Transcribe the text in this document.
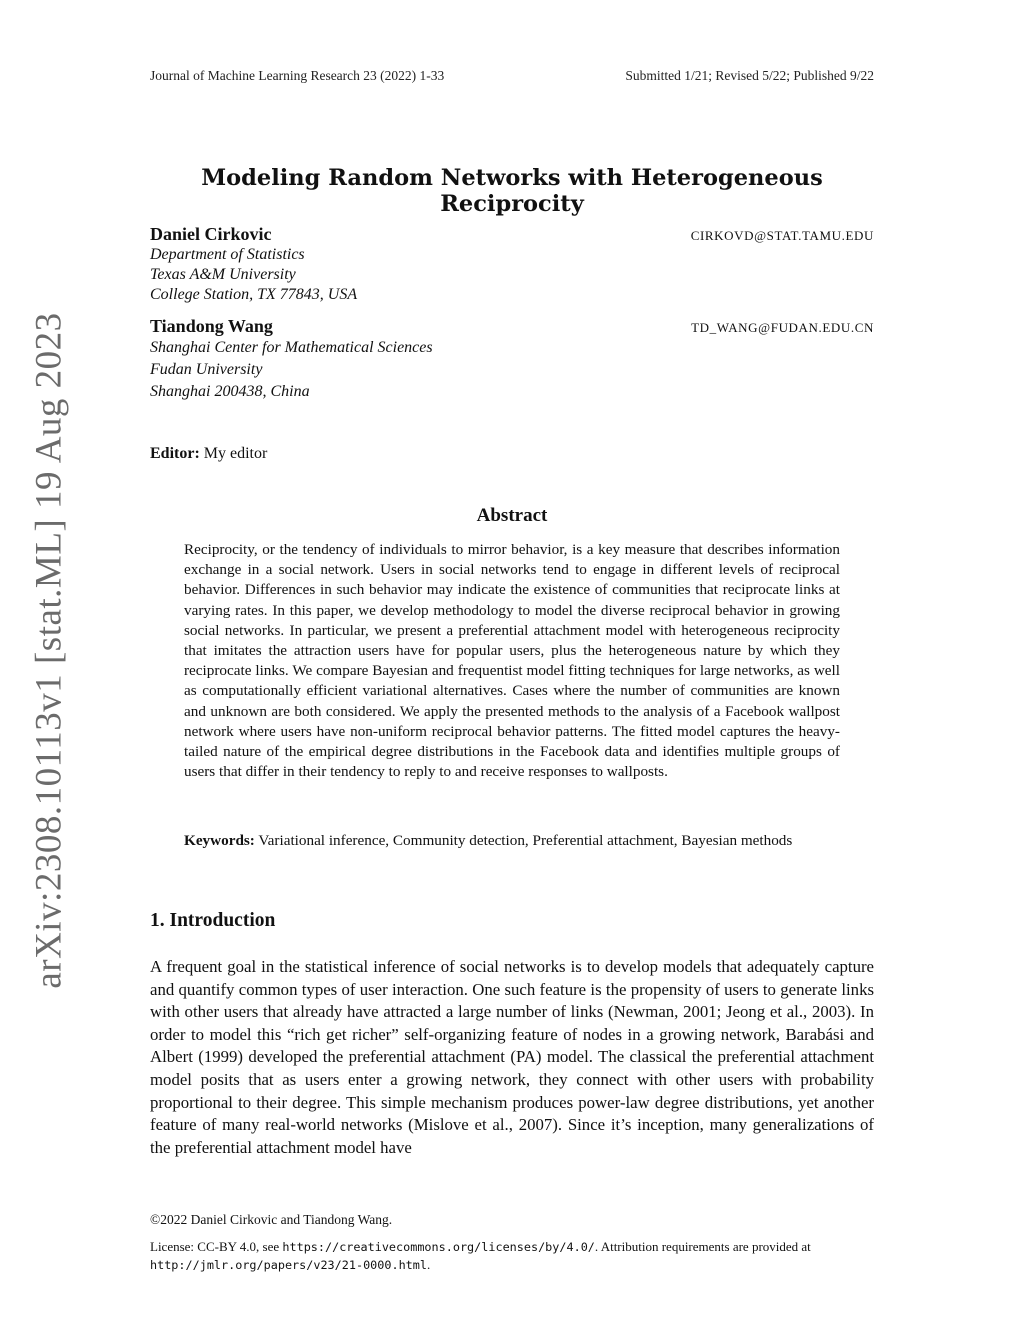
arXiv:2308.10113v1 [stat.ML] 19 Aug 2023
Journal of Machine Learning Research 23 (2022) 1-33	Submitted 1/21; Revised 5/22; Published 9/22
Modeling Random Networks with Heterogeneous Reciprocity
Daniel Cirkovic	CIRKOVD@STAT.TAMU.EDU
Department of Statistics
Texas A&M University
College Station, TX 77843, USA
Tiandong Wang	TD_WANG@FUDAN.EDU.CN
Shanghai Center for Mathematical Sciences
Fudan University
Shanghai 200438, China
Editor: My editor
Abstract
Reciprocity, or the tendency of individuals to mirror behavior, is a key measure that describes information exchange in a social network. Users in social networks tend to engage in different levels of reciprocal behavior. Differences in such behavior may indicate the existence of communities that reciprocate links at varying rates. In this paper, we develop methodology to model the diverse reciprocal behavior in growing social networks. In particular, we present a preferential attachment model with heterogeneous reciprocity that imitates the attraction users have for popular users, plus the heterogeneous nature by which they reciprocate links. We compare Bayesian and frequentist model fitting techniques for large networks, as well as computationally efficient variational alternatives. Cases where the number of communities are known and unknown are both considered. We apply the presented methods to the analysis of a Facebook wallpost network where users have non-uniform reciprocal behavior patterns. The fitted model captures the heavy-tailed nature of the empirical degree distributions in the Facebook data and identifies multiple groups of users that differ in their tendency to reply to and receive responses to wallposts.
Keywords: Variational inference, Community detection, Preferential attachment, Bayesian methods
1. Introduction
A frequent goal in the statistical inference of social networks is to develop models that adequately capture and quantify common types of user interaction. One such feature is the propensity of users to generate links with other users that already have attracted a large number of links (Newman, 2001; Jeong et al., 2003). In order to model this “rich get richer” self-organizing feature of nodes in a growing network, Barabási and Albert (1999) developed the preferential attachment (PA) model. The classical the preferential attachment model posits that as users enter a growing network, they connect with other users with probability proportional to their degree. This simple mechanism produces power-law degree distributions, yet another feature of many real-world networks (Mislove et al., 2007). Since it’s inception, many generalizations of the preferential attachment model have
©2022 Daniel Cirkovic and Tiandong Wang.
License: CC-BY 4.0, see https://creativecommons.org/licenses/by/4.0/. Attribution requirements are provided at http://jmlr.org/papers/v23/21-0000.html.
